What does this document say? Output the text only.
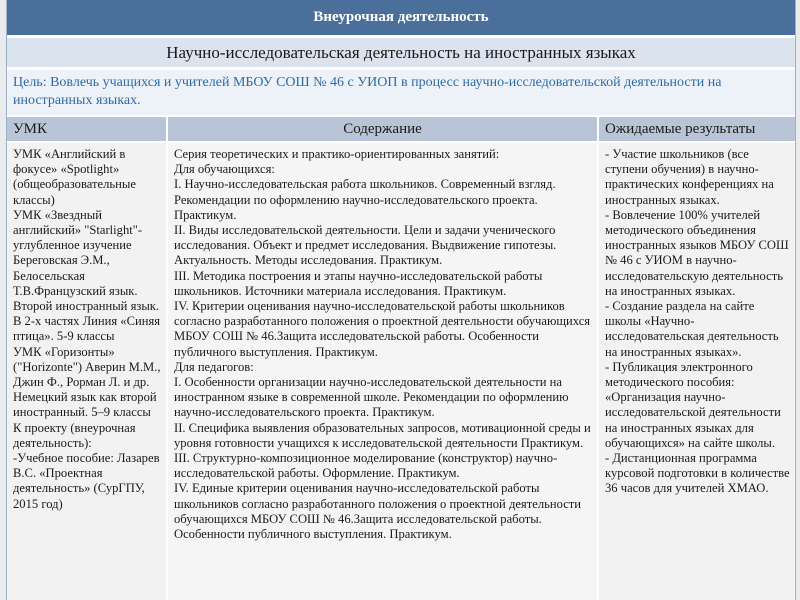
Внеурочная деятельность
Научно-исследовательская деятельность на иностранных языках
Цель: Вовлечь учащихся и учителей МБОУ СОШ № 46 с УИОП в процесс научно-исследовательской деятельности на иностранных языках.
УМК	Содержание	Ожидаемые результаты
УМК «Английский в фокусе» «Spotlight» (общеобразовательные классы)
УМК «Звездный английский» "Starlight"- углубленное изучение Береговская Э.М., Белосельская Т.В.Французский язык. Второй иностранный язык. В 2-х частях Линия «Синяя птица». 5-9 классы
УМК «Горизонты» ("Horizonte") Аверин М.М., Джин Ф., Рорман Л. и др.
Немецкий язык как второй иностранный. 5–9 классы
К проекту (внеурочная деятельность):
-Учебное пособие: Лазарев В.С. «Проектная деятельность» (СурГПУ, 2015 год)
Серия теоретических и практико-ориентированных занятий:
Для обучающихся:
I. Научно-исследовательская работа школьников. Современный взгляд. Рекомендации по оформлению научно-исследовательского проекта. Практикум.
II. Виды исследовательской деятельности. Цели и задачи ученического исследования. Объект и предмет исследования. Выдвижение гипотезы. Актуальность. Методы исследования. Практикум.
III. Методика построения и этапы научно-исследовательской работы школьников. Источники материала исследования. Практикум.
IV. Критерии оценивания научно-исследовательской работы школьников согласно разработанного положения о проектной деятельности обучающихся МБОУ СОШ № 46.Защита исследовательской работы. Особенности публичного выступления. Практикум.
Для педагогов:
I. Особенности организации научно-исследовательской деятельности на иностранном языке в современной школе. Рекомендации по оформлению научно-исследовательского проекта. Практикум.
II. Специфика выявления образовательных запросов, мотивационной среды и уровня готовности учащихся к исследовательской деятельности Практикум.
III. Структурно-композиционное моделирование (конструктор) научно-исследовательской работы. Оформление. Практикум.
IV. Единые критерии оценивания научно-исследовательской работы школьников согласно разработанного положения о проектной деятельности обучающихся МБОУ СОШ № 46.Защита исследовательской работы. Особенности публичного выступления. Практикум.
- Участие школьников (все ступени обучения) в научно-практических конференциях на иностранных языках.
- Вовлечение 100% учителей методического объединения иностранных языков МБОУ СОШ № 46 с УИОМ в научно-исследовательскую деятельность на иностранных языках.
- Создание раздела на сайте школы «Научно-исследовательская деятельность на иностранных языках».
- Публикация электронного методического пособия: «Организация научно-исследовательской деятельности на иностранных языках для обучающихся» на сайте школы.
- Дистанционная программа курсовой подготовки в количестве 36 часов для учителей ХМАО.
